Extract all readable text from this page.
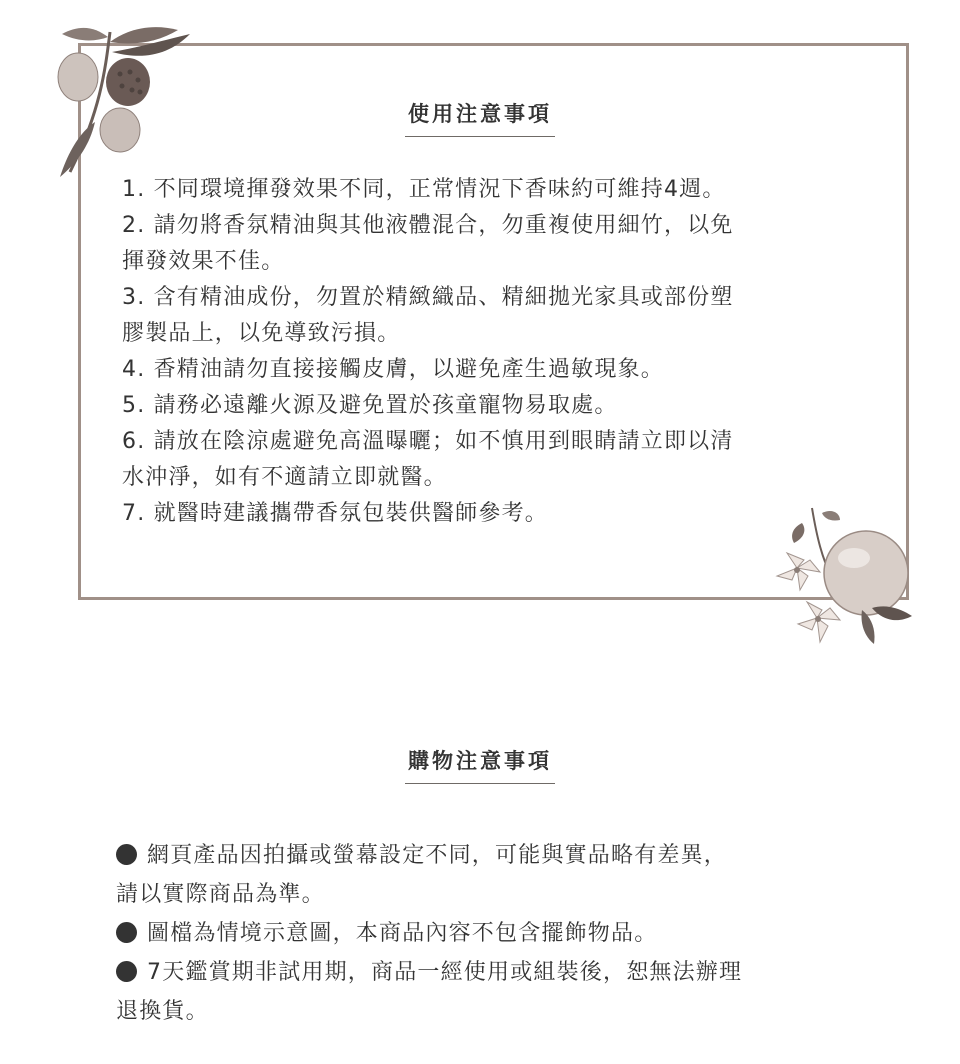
使用注意事項

1. 不同環境揮發效果不同，正常情況下香味約可維持4週。

2. 請勿將香氛精油與其他液體混合，勿重複使用細竹，以免

揮發效果不佳。

3. 含有精油成份，勿置於精緻織品、精細拋光家具或部份塑

膠製品上，以免導致污損。

4. 香精油請勿直接接觸皮膚，以避免產生過敏現象。

5. 請務必遠離火源及避免置於孩童寵物易取處。

6. 請放在陰涼處避免高溫曝曬；如不慎用到眼睛請立即以清

水沖淨，如有不適請立即就醫。

7. 就醫時建議攜帶香氛包裝供醫師參考。

購物注意事項

網頁產品因拍攝或螢幕設定不同，可能與實品略有差異，

請以實際商品為準。

圖檔為情境示意圖，本商品內容不包含擺飾物品。

7天鑑賞期非試用期，商品一經使用或組裝後，恕無法辦理

退換貨。
